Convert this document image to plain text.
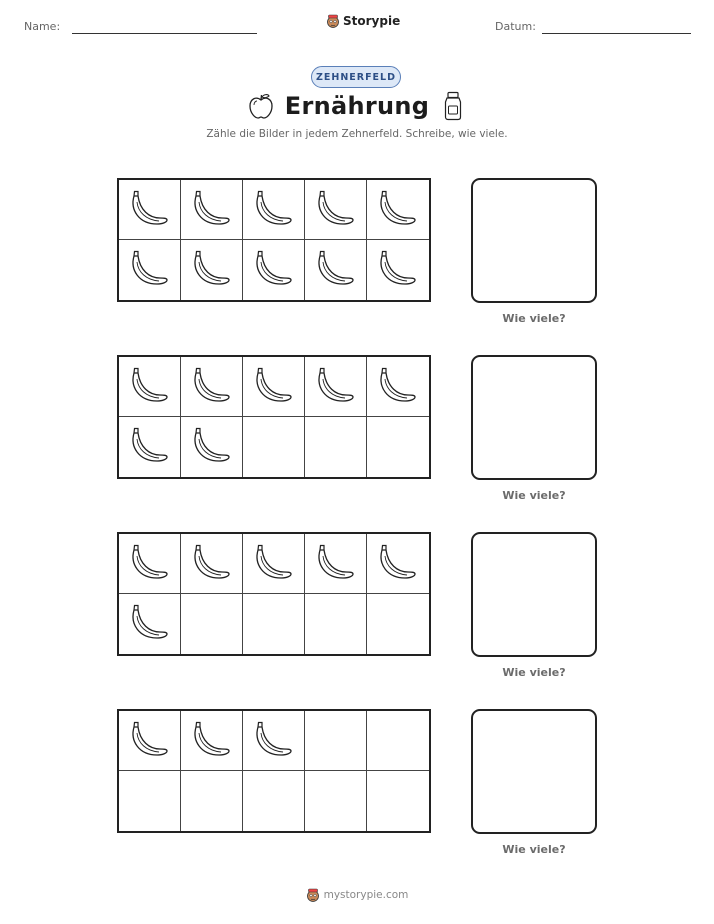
Name:	Storypie	Datum:
ZEHNERFELD
Ernährung
Zähle die Bilder in jedem Zehnerfeld. Schreibe, wie viele.
Wie viele?
Wie viele?
Wie viele?
Wie viele?
mystorypie.com
